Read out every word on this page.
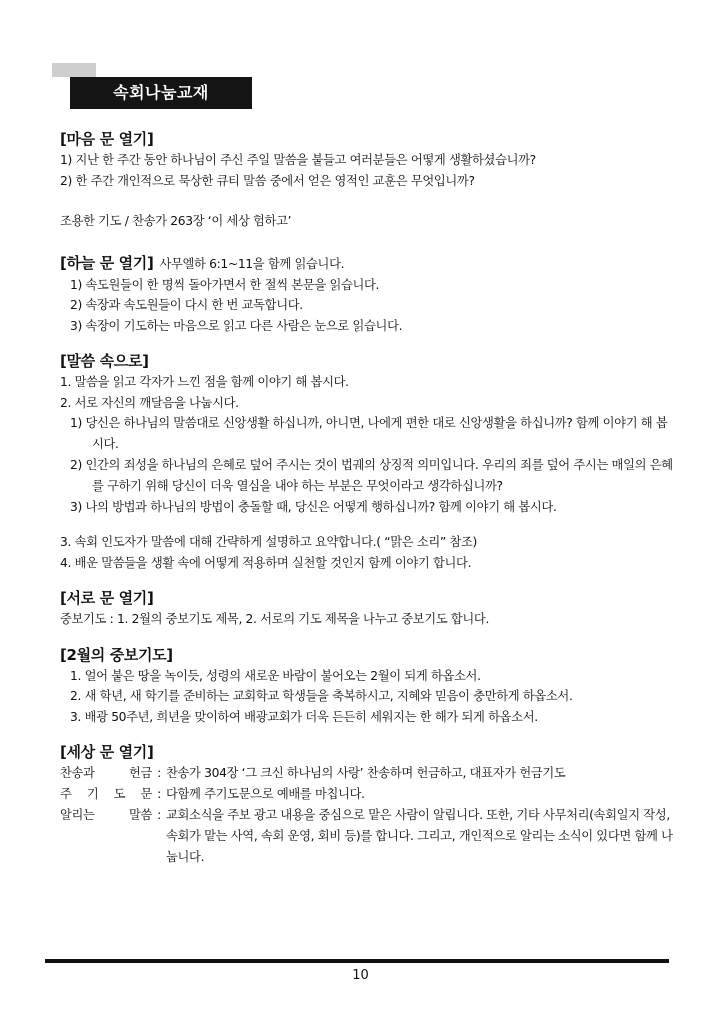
속회나눔교재
[마음 문 열기]
1) 지난 한 주간 동안 하나님이 주신 주일 말씀을 붙들고 여러분들은 어떻게 생활하셨습니까?
2) 한 주간 개인적으로 묵상한 큐티 말씀 중에서 얻은 영적인 교훈은 무엇입니까?
조용한 기도 / 찬송가 263장 ‘이 세상 험하고’
[하늘 문 열기] 사무엘하 6:1~11을 함께 읽습니다.
1) 속도원들이 한 명씩 돌아가면서 한 절씩 본문을 읽습니다.
2) 속장과 속도원들이 다시 한 번 교독합니다.
3) 속장이 기도하는 마음으로 읽고 다른 사람은 눈으로 읽습니다.
[말씀 속으로]
1. 말씀을 읽고 각자가 느낀 점을 함께 이야기 해 봅시다.
2. 서로 자신의 깨달음을 나눕시다.
1) 당신은 하나님의 말씀대로 신앙생활 하십니까, 아니면, 나에게 편한 대로 신앙생활을 하십니까? 함께 이야기 해 봅시다.
2) 인간의 죄성을 하나님의 은혜로 덮어 주시는 것이 법궤의 상징적 의미입니다. 우리의 죄를 덮어 주시는 매일의 은혜를 구하기 위해 당신이 더욱 열심을 내야 하는 부분은 무엇이라고 생각하십니까?
3) 나의 방법과 하나님의 방법이 충돌할 때, 당신은 어떻게 행하십니까? 함께 이야기 해 봅시다.
3. 속회 인도자가 말씀에 대해 간략하게 설명하고 요약합니다.( “맑은 소리” 참조)
4. 배운 말씀들을 생활 속에 어떻게 적용하며 실천할 것인지 함께 이야기 합니다.
[서로 문 열기]
중보기도 : 1. 2월의 중보기도 제목, 2. 서로의 기도 제목을 나누고 중보기도 합니다.
[2월의 중보기도]
1. 얼어 붙은 땅을 녹이듯, 성령의 새로운 바람이 불어오는 2월이 되게 하옵소서.
2. 새 학년, 새 학기를 준비하는 교회학교 학생들을 축복하시고, 지혜와 믿음이 충만하게 하옵소서.
3. 배광 50주년, 희년을 맞이하여 배광교회가 더욱 든든히 세워지는 한 해가 되게 하옵소서.
[세상 문 열기]
찬송과 헌금 : 찬송가 304장 ‘그 크신 하나님의 사랑’ 찬송하며 헌금하고, 대표자가 헌금기도
주 기 도 문 : 다함께 주기도문으로 예배를 마칩니다.
알리는 말씀 : 교회소식을 주보 광고 내용을 중심으로 맡은 사람이 알립니다. 또한, 기타 사무처리(속회일지 작성, 속회가 맡는 사역, 속회 운영, 회비 등)를 합니다. 그리고, 개인적으로 알리는 소식이 있다면 함께 나눕니다.
10
